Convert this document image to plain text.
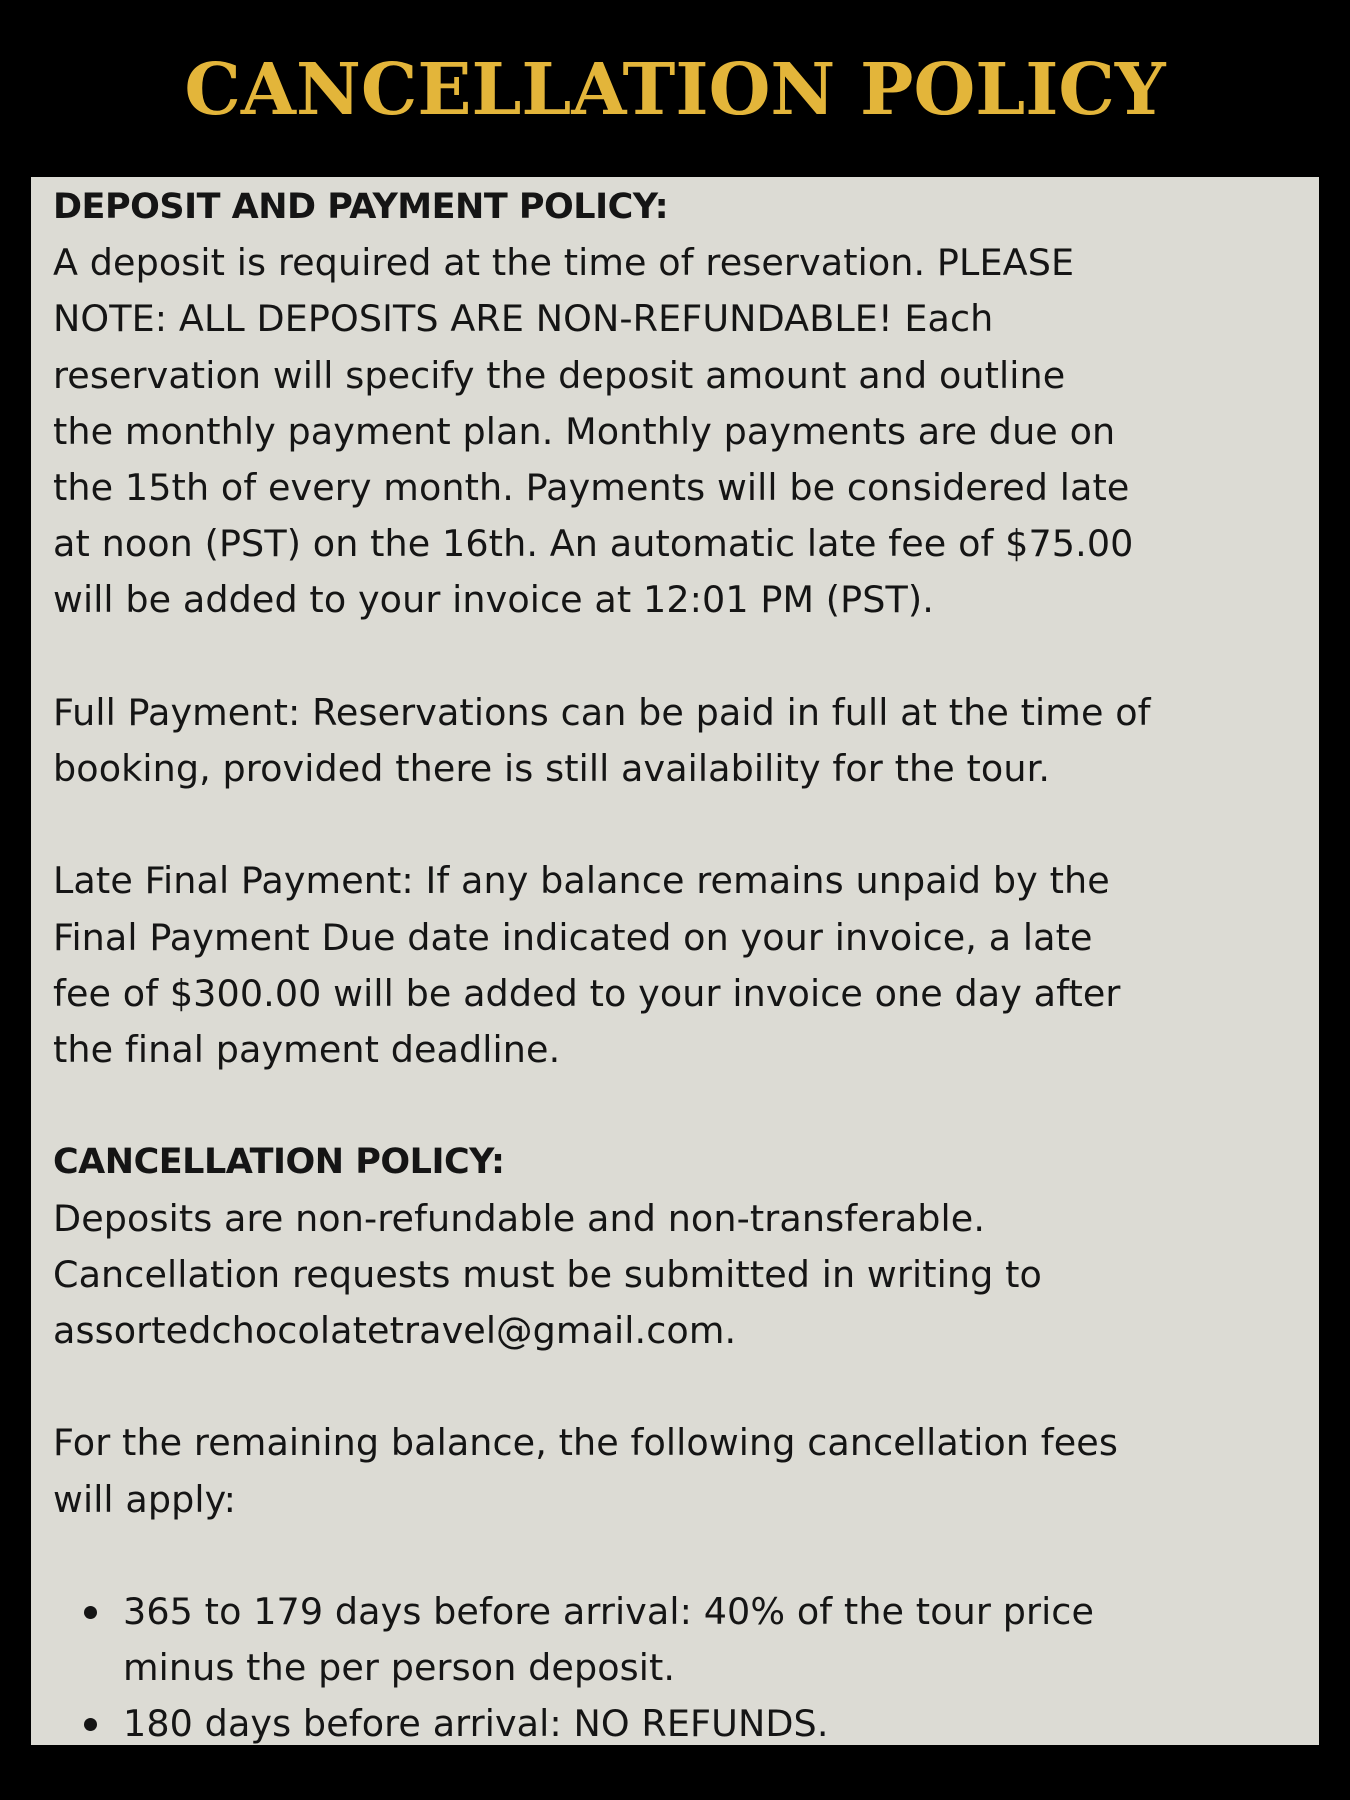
CANCELLATION POLICY

DEPOSIT AND PAYMENT POLICY:

A deposit is required at the time of reservation. PLEASE

NOTE: ALL DEPOSITS ARE NON-REFUNDABLE! Each

reservation will specify the deposit amount and outline

the monthly payment plan. Monthly payments are due on

the 15th of every month. Payments will be considered late

at noon (PST) on the 16th. An automatic late fee of $75.00

will be added to your invoice at 12:01 PM (PST).

Full Payment: Reservations can be paid in full at the time of

booking, provided there is still availability for the tour.

Late Final Payment: If any balance remains unpaid by the

Final Payment Due date indicated on your invoice, a late

fee of $300.00 will be added to your invoice one day after

the final payment deadline.

CANCELLATION POLICY:

Deposits are non-refundable and non-transferable.

Cancellation requests must be submitted in writing to

assortedchocolatetravel@gmail.com.

For the remaining balance, the following cancellation fees

will apply:

365 to 179 days before arrival: 40% of the tour price

minus the per person deposit.

180 days before arrival: NO REFUNDS.
